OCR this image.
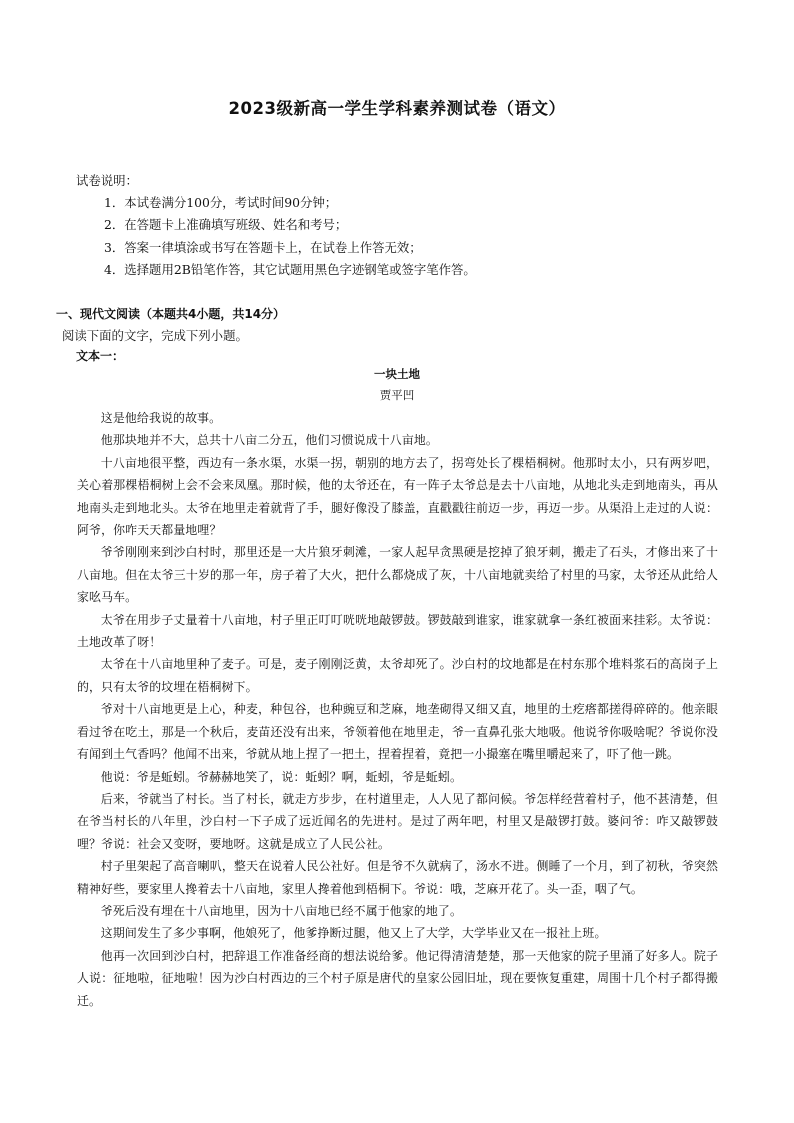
2023级新高一学生学科素养测试卷（语文）
试卷说明：
1．本试卷满分100分，考试时间90分钟；
2．在答题卡上准确填写班级、姓名和考号；
3．答案一律填涂或书写在答题卡上，在试卷上作答无效；
4．选择题用2B铅笔作答，其它试题用黑色字迹钢笔或签字笔作答。
一、现代文阅读（本题共4小题，共14分）
阅读下面的文字，完成下列小题。
文本一：
一块土地
贾平凹

这是他给我说的故事。

他那块地并不大，总共十八亩二分五，他们习惯说成十八亩地。

十八亩地很平整，西边有一条水渠，水渠一拐，朝别的地方去了，拐弯处长了棵梧桐树。他那时太小，只有两岁吧，关心着那棵梧桐树上会不会来凤凰。那时候，他的太爷还在，有一阵子太爷总是去十八亩地，从地北头走到地南头，再从地南头走到地北头。太爷在地里走着就背了手，腿好像没了膝盖，直戳戳往前迈一步，再迈一步。从渠沿上走过的人说：阿爷，你咋天天都量地哩？

爷爷刚刚来到沙白村时，那里还是一大片狼牙刺滩，一家人起早贪黑硬是挖掉了狼牙刺，搬走了石头，才修出来了十八亩地。但在太爷三十岁的那一年，房子着了大火，把什么都烧成了灰，十八亩地就卖给了村里的马家，太爷还从此给人家吆马车。

太爷在用步子丈量着十八亩地，村子里正叮叮咣咣地敲锣鼓。锣鼓敲到谁家，谁家就拿一条红被面来挂彩。太爷说：土地改革了呀！

太爷在十八亩地里种了麦子。可是，麦子刚刚泛黄，太爷却死了。沙白村的坟地都是在村东那个堆料浆石的高岗子上的，只有太爷的坟埋在梧桐树下。

爷对十八亩地更是上心，种麦，种包谷，也种豌豆和芝麻，地垄砌得又细又直，地里的土疙瘩都搓得碎碎的。他亲眼看过爷在吃土，那是一个秋后，麦苗还没有出来，爷领着他在地里走，爷一直鼻孔张大地吸。他说爷你吸啥呢？爷说你没有闻到土气香吗？他闻不出来，爷就从地上捏了一把土，捏着捏着，竟把一小撮塞在嘴里嚼起来了，吓了他一跳。

他说：爷是蚯蚓。爷赫赫地笑了，说：蚯蚓？啊，蚯蚓，爷是蚯蚓。

后来，爷就当了村长。当了村长，就走方步步，在村道里走，人人见了都问候。爷怎样经营着村子，他不甚清楚，但在爷当村长的八年里，沙白村一下子成了远近闻名的先进村。是过了两年吧，村里又是敲锣打鼓。婆问爷：咋又敲锣鼓哩？爷说：社会又变呀，要地呀。这就是成立了人民公社。

村子里架起了高音喇叭，整天在说着人民公社好。但是爷不久就病了，汤水不进。侧睡了一个月，到了初秋，爷突然精神好些，要家里人搀着去十八亩地，家里人搀着他到梧桐下。爷说：哦，芝麻开花了。头一歪，咽了气。

爷死后没有埋在十八亩地里，因为十八亩地已经不属于他家的地了。

这期间发生了多少事啊，他娘死了，他爹挣断过腿，他又上了大学，大学毕业又在一报社上班。

他再一次回到沙白村，把辞退工作准备经商的想法说给爹。他记得清清楚楚，那一天他家的院子里涌了好多人。院子人说：征地啦，征地啦！因为沙白村西边的三个村子原是唐代的皇家公园旧址，现在要恢复重建，周围十几个村子都得搬迁。
